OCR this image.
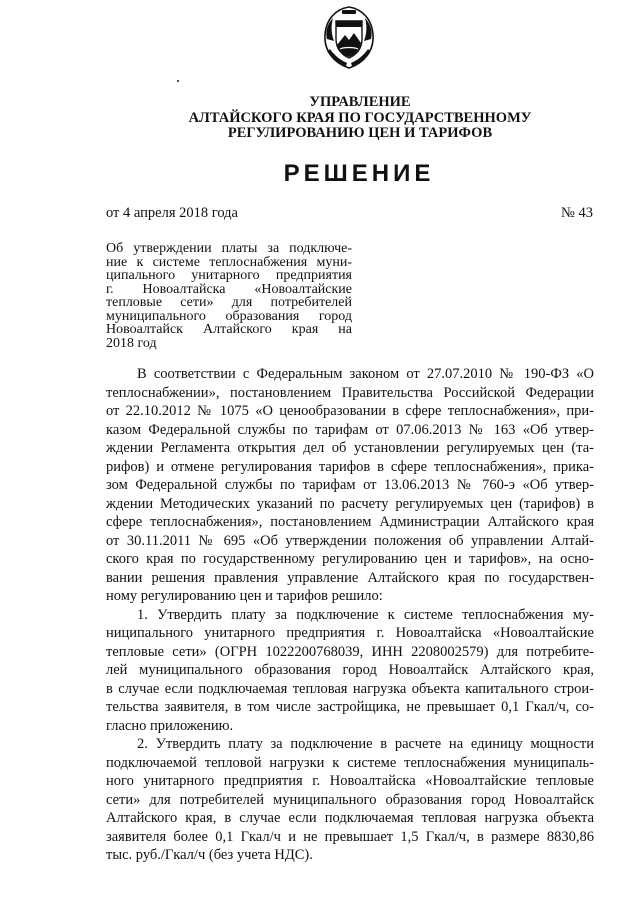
УПРАВЛЕНИЕ
АЛТАЙСКОГО КРАЯ ПО ГОСУДАРСТВЕННОМУ
РЕГУЛИРОВАНИЮ ЦЕН И ТАРИФОВ
РЕШЕНИЕ
от 4 апреля 2018 года	№ 43
Об утверждении платы за подключе-
ние к системе теплоснабжения муни-
ципального унитарного предприятия
г. Новоалтайска «Новоалтайские
тепловые сети» для потребителей
муниципального образования город
Новоалтайск Алтайского края на
2018 год
В соответствии с Федеральным законом от 27.07.2010 № 190-ФЗ «О
теплоснабжении», постановлением Правительства Российской Федерации
от 22.10.2012 № 1075 «О ценообразовании в сфере теплоснабжения», при-
казом Федеральной службы по тарифам от 07.06.2013 № 163 «Об утвер-
ждении Регламента открытия дел об установлении регулируемых цен (та-
рифов) и отмене регулирования тарифов в сфере теплоснабжения», прика-
зом Федеральной службы по тарифам от 13.06.2013 № 760-э «Об утвер-
ждении Методических указаний по расчету регулируемых цен (тарифов) в
сфере теплоснабжения», постановлением Администрации Алтайского края
от 30.11.2011 № 695 «Об утверждении положения об управлении Алтай-
ского края по государственному регулированию цен и тарифов», на осно-
вании решения правления управление Алтайского края по государствен-
ному регулированию цен и тарифов решило:
1. Утвердить плату за подключение к системе теплоснабжения му-
ниципального унитарного предприятия г. Новоалтайска «Новоалтайские
тепловые сети» (ОГРН 1022200768039, ИНН 2208002579) для потребите-
лей муниципального образования город Новоалтайск Алтайского края,
в случае если подключаемая тепловая нагрузка объекта капитального строи-
тельства заявителя, в том числе застройщика, не превышает 0,1 Гкал/ч, со-
гласно приложению.
2. Утвердить плату за подключение в расчете на единицу мощности
подключаемой тепловой нагрузки к системе теплоснабжения муниципаль-
ного унитарного предприятия г. Новоалтайска «Новоалтайские тепловые
сети» для потребителей муниципального образования город Новоалтайск
Алтайского края, в случае если подключаемая тепловая нагрузка объекта
заявителя более 0,1 Гкал/ч и не превышает 1,5 Гкал/ч, в размере 8830,86
тыс. руб./Гкал/ч (без учета НДС).
